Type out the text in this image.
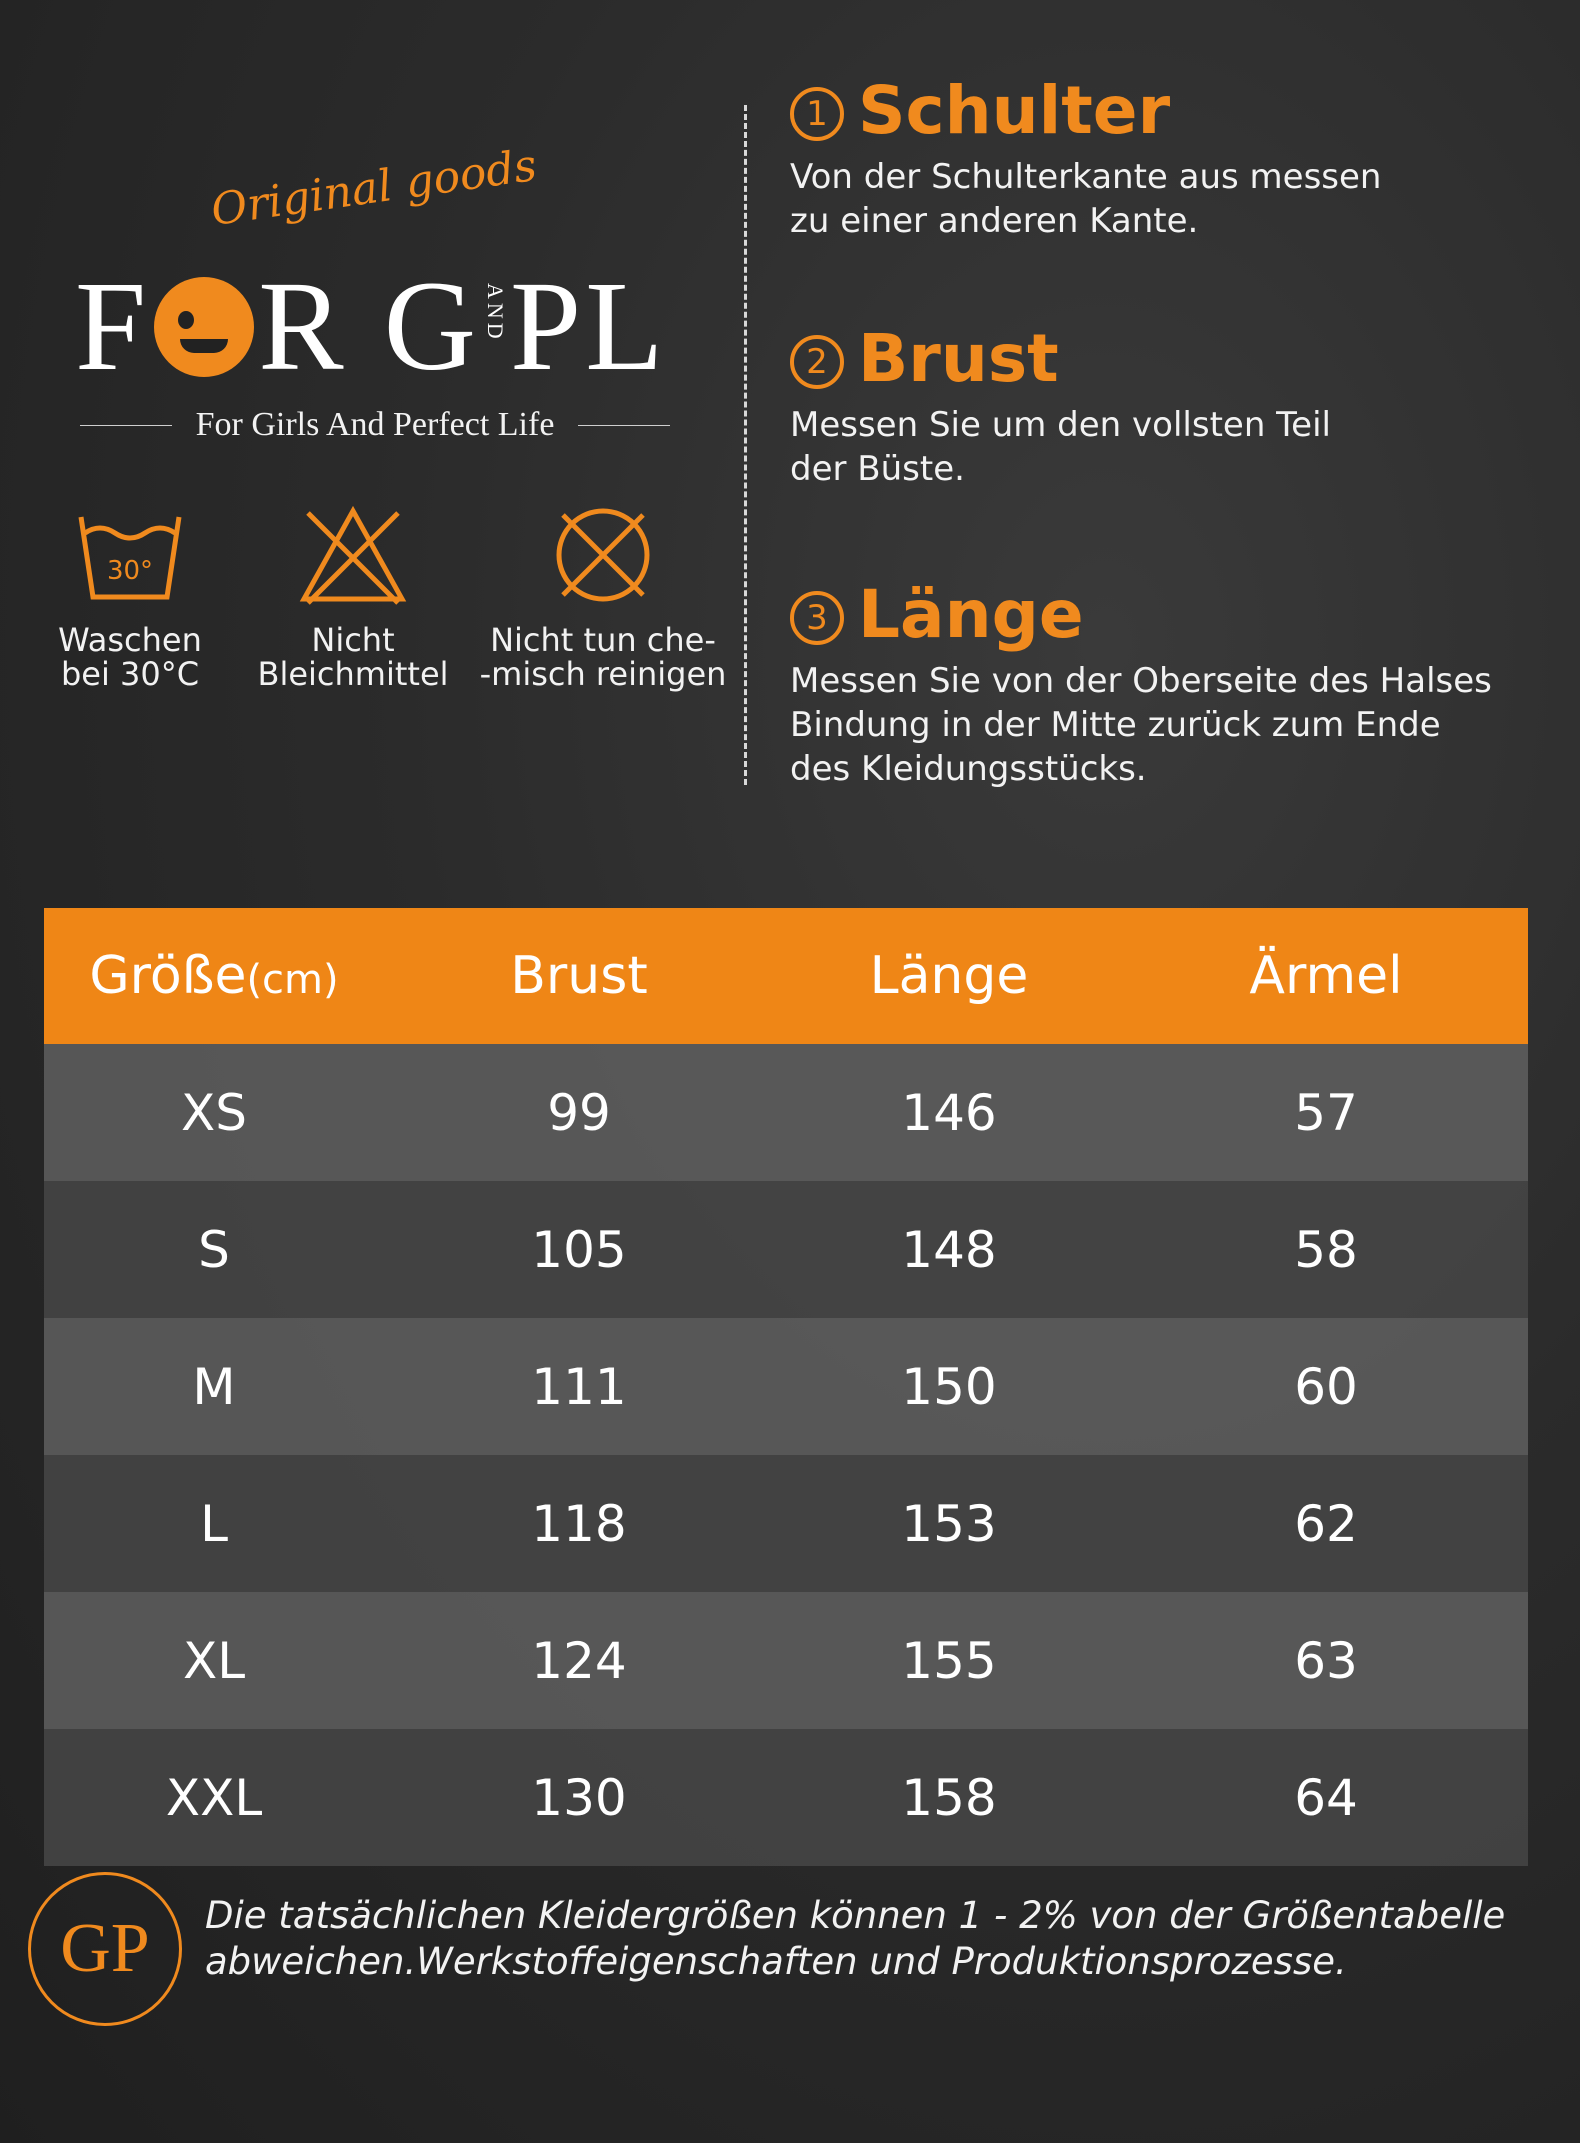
Original goods
F R G ANDPL
For Girls And Perfect Life
30°
Waschen
bei 30°C
Nicht
Bleichmittel
Nicht tun che-
-misch reinigen
1 Schulter
Von der Schulterkante aus messen
zu einer anderen Kante.
2 Brust
Messen Sie um den vollsten Teil
der Büste.
3 Länge
Messen Sie von der Oberseite des Halses
Bindung in der Mitte zurück zum Ende
des Kleidungsstücks.
Größe(cm)	Brust	Länge	Ärmel
XS	99	146	57
S	105	148	58
M	111	150	60
L	118	153	62
XL	124	155	63
XXL	130	158	64
GP	Die tatsächlichen Kleidergrößen können 1 - 2% von der Größentabelle
abweichen.Werkstoffeigenschaften und Produktionsprozesse.
